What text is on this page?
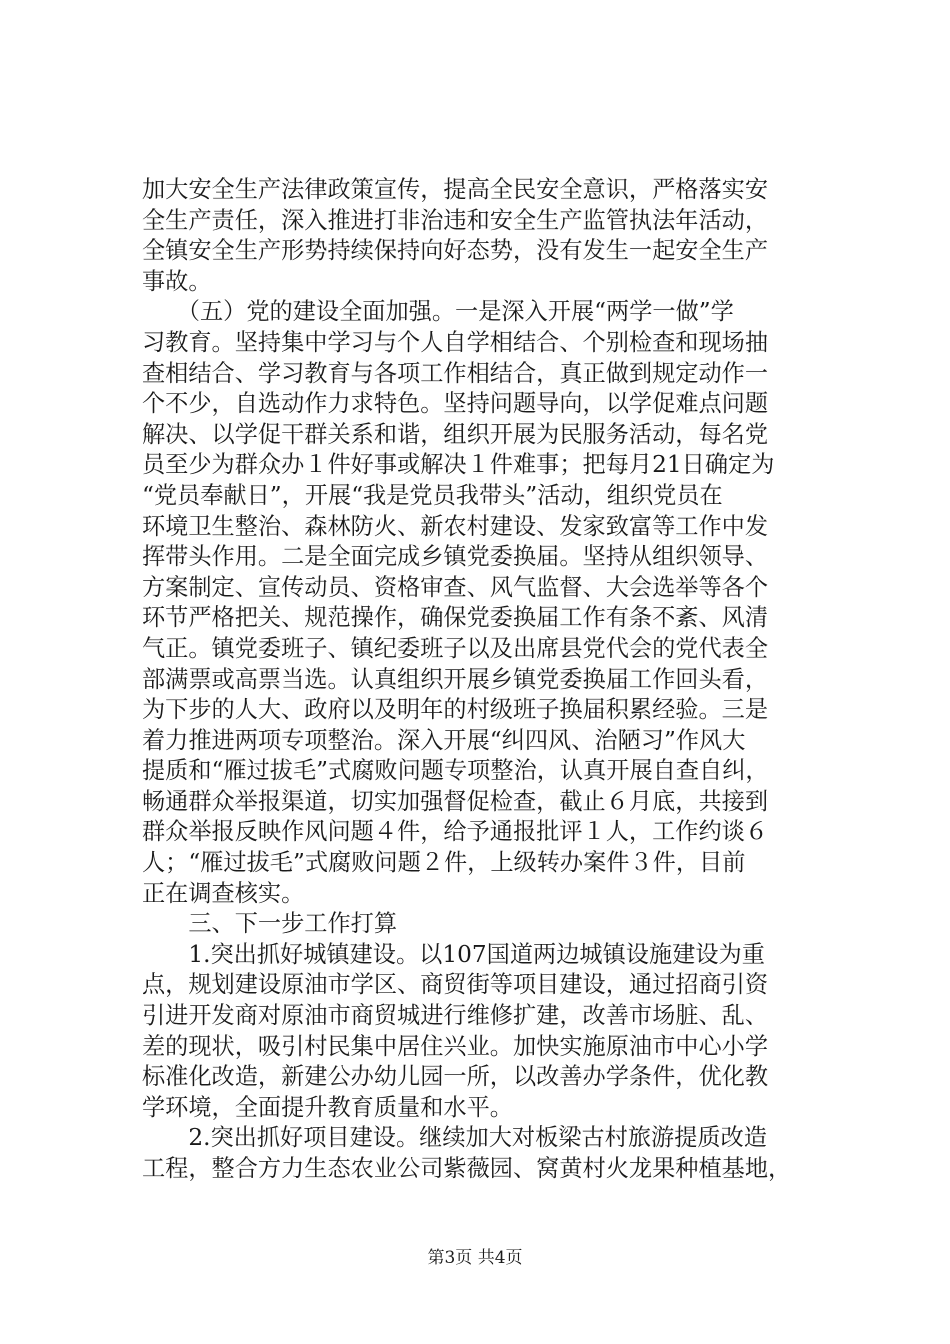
加大安全生产法律政策宣传，提高全民安全意识，严格落实安
全生产责任，深入推进打非治违和安全生产监管执法年活动，
全镇安全生产形势持续保持向好态势，没有发生一起安全生产
事故。
　　（五）党的建设全面加强。一是深入开展“两学一做”学
习教育。坚持集中学习与个人自学相结合、个别检查和现场抽
查相结合、学习教育与各项工作相结合，真正做到规定动作一
个不少，自选动作力求特色。坚持问题导向，以学促难点问题
解决、以学促干群关系和谐，组织开展为民服务活动，每名党
员至少为群众办１件好事或解决１件难事；把每月21日确定为
“党员奉献日”，开展“我是党员我带头”活动，组织党员在
环境卫生整治、森林防火、新农村建设、发家致富等工作中发
挥带头作用。二是全面完成乡镇党委换届。坚持从组织领导、
方案制定、宣传动员、资格审查、风气监督、大会选举等各个
环节严格把关、规范操作，确保党委换届工作有条不紊、风清
气正。镇党委班子、镇纪委班子以及出席县党代会的党代表全
部满票或高票当选。认真组织开展乡镇党委换届工作回头看，
为下步的人大、政府以及明年的村级班子换届积累经验。三是
着力推进两项专项整治。深入开展“纠四风、治陋习”作风大
提质和“雁过拔毛”式腐败问题专项整治，认真开展自查自纠，
畅通群众举报渠道，切实加强督促检查，截止６月底，共接到
群众举报反映作风问题４件，给予通报批评１人，工作约谈６
人；“雁过拔毛”式腐败问题２件，上级转办案件３件，目前
正在调查核实。
　　三、下一步工作打算
　　1.突出抓好城镇建设。以107国道两边城镇设施建设为重
点，规划建设原油市学区、商贸街等项目建设，通过招商引资
引进开发商对原油市商贸城进行维修扩建，改善市场脏、乱、
差的现状，吸引村民集中居住兴业。加快实施原油市中心小学
标准化改造，新建公办幼儿园一所，以改善办学条件，优化教
学环境，全面提升教育质量和水平。
　　2.突出抓好项目建设。继续加大对板梁古村旅游提质改造
工程，整合方力生态农业公司紫薇园、窝黄村火龙果种植基地，
第3页 共4页
